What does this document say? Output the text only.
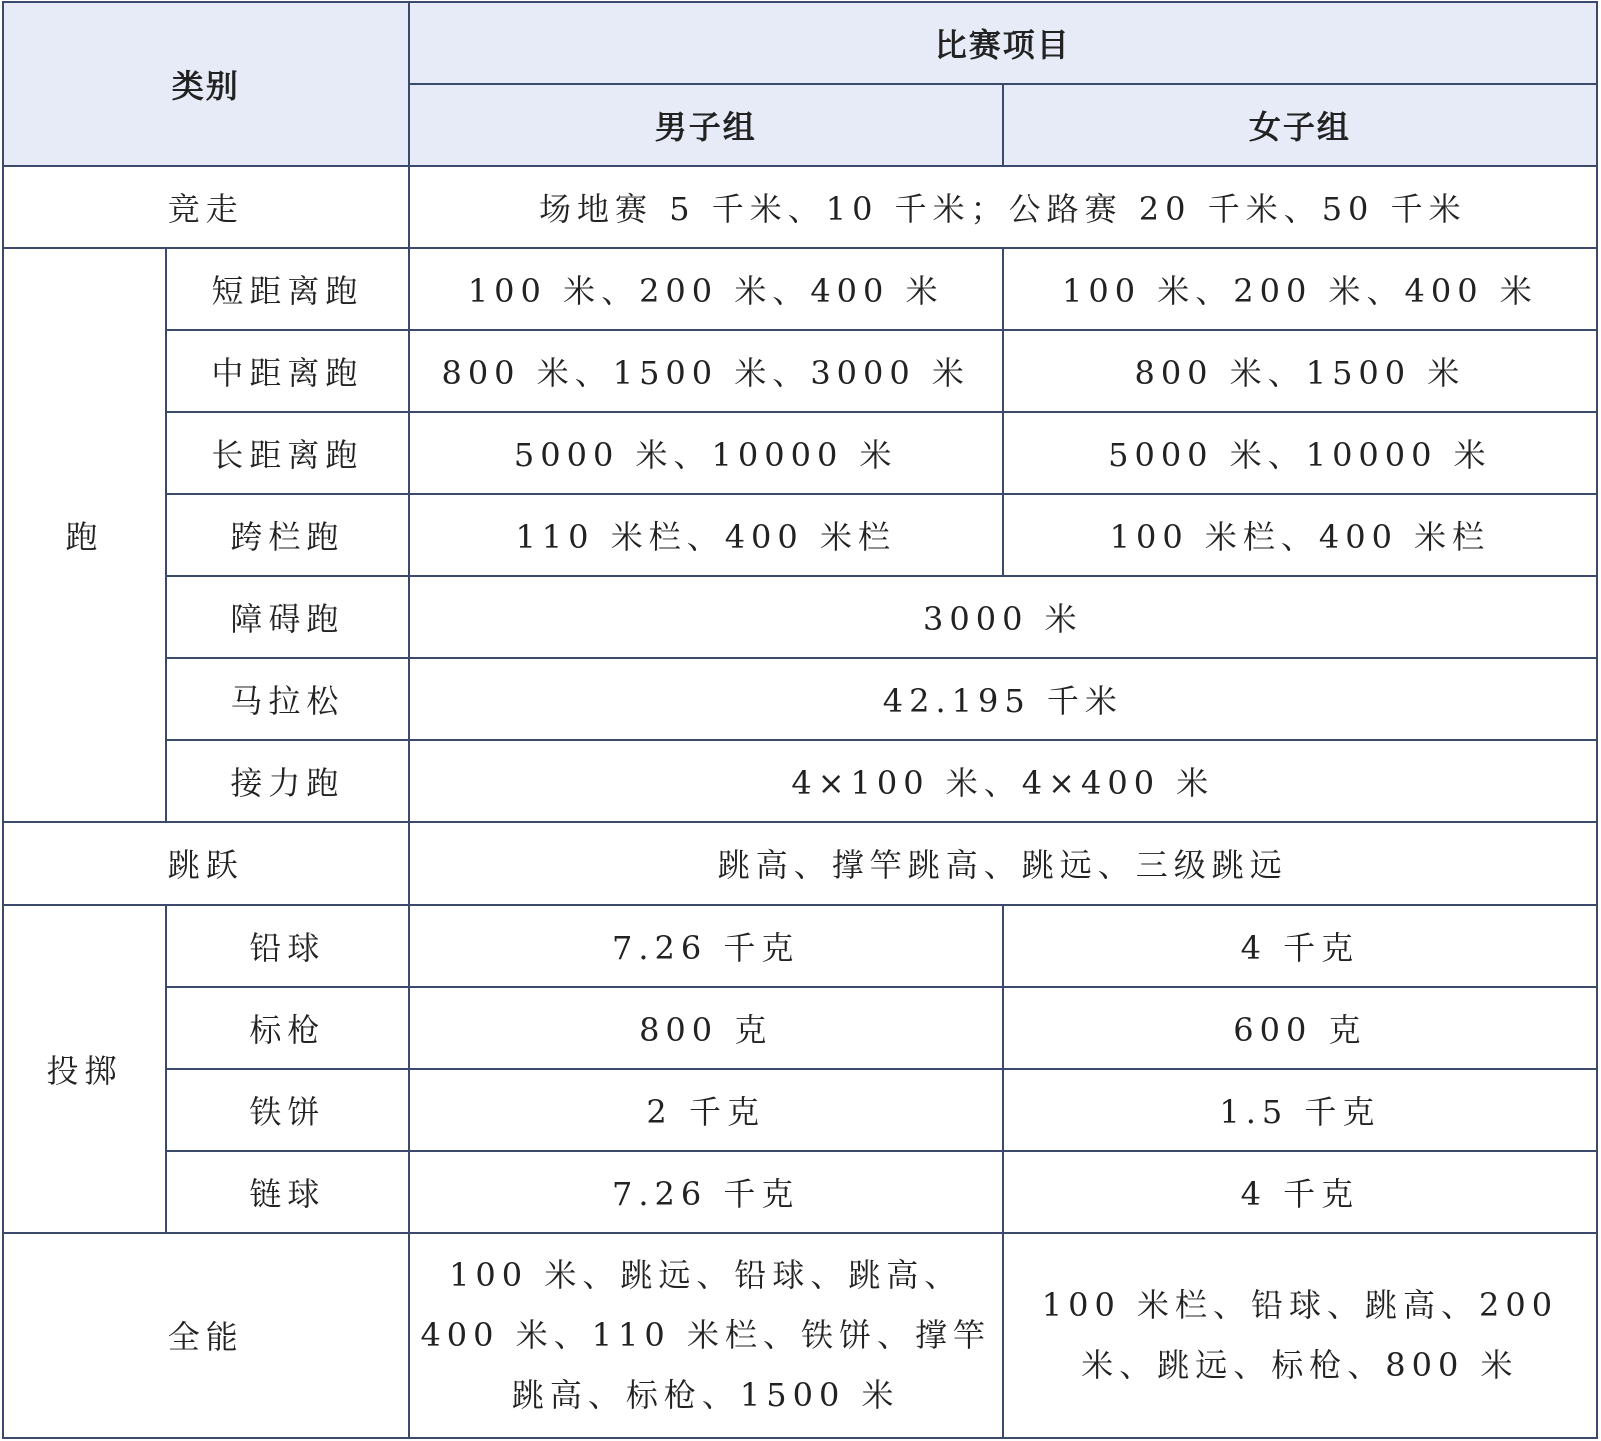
类别		比赛项目	
		男子组	女子组
竞走		场地赛 5 千米、10 千米；公路赛 20 千米、50 千米	
跑	短距离跑	100 米、200 米、400 米	100 米、200 米、400 米
	中距离跑	800 米、1500 米、3000 米	800 米、1500 米
	长距离跑	5000 米、10000 米	5000 米、10000 米
	跨栏跑	110 米栏、400 米栏	100 米栏、400 米栏
	障碍跑	3000 米	
	马拉松	42.195 千米	
	接力跑	4×100 米、4×400 米	
跳跃		跳高、撑竿跳高、跳远、三级跳远	
投掷	铅球	7.26 千克	4 千克
	标枪	800 克	600 克
	铁饼	2 千克	1.5 千克
	链球	7.26 千克	4 千克
全能		100 米、跳远、铅球、跳高、400 米、110 米栏、铁饼、撑竿跳高、标枪、1500 米	100 米栏、铅球、跳高、200 米、跳远、标枪、800 米
